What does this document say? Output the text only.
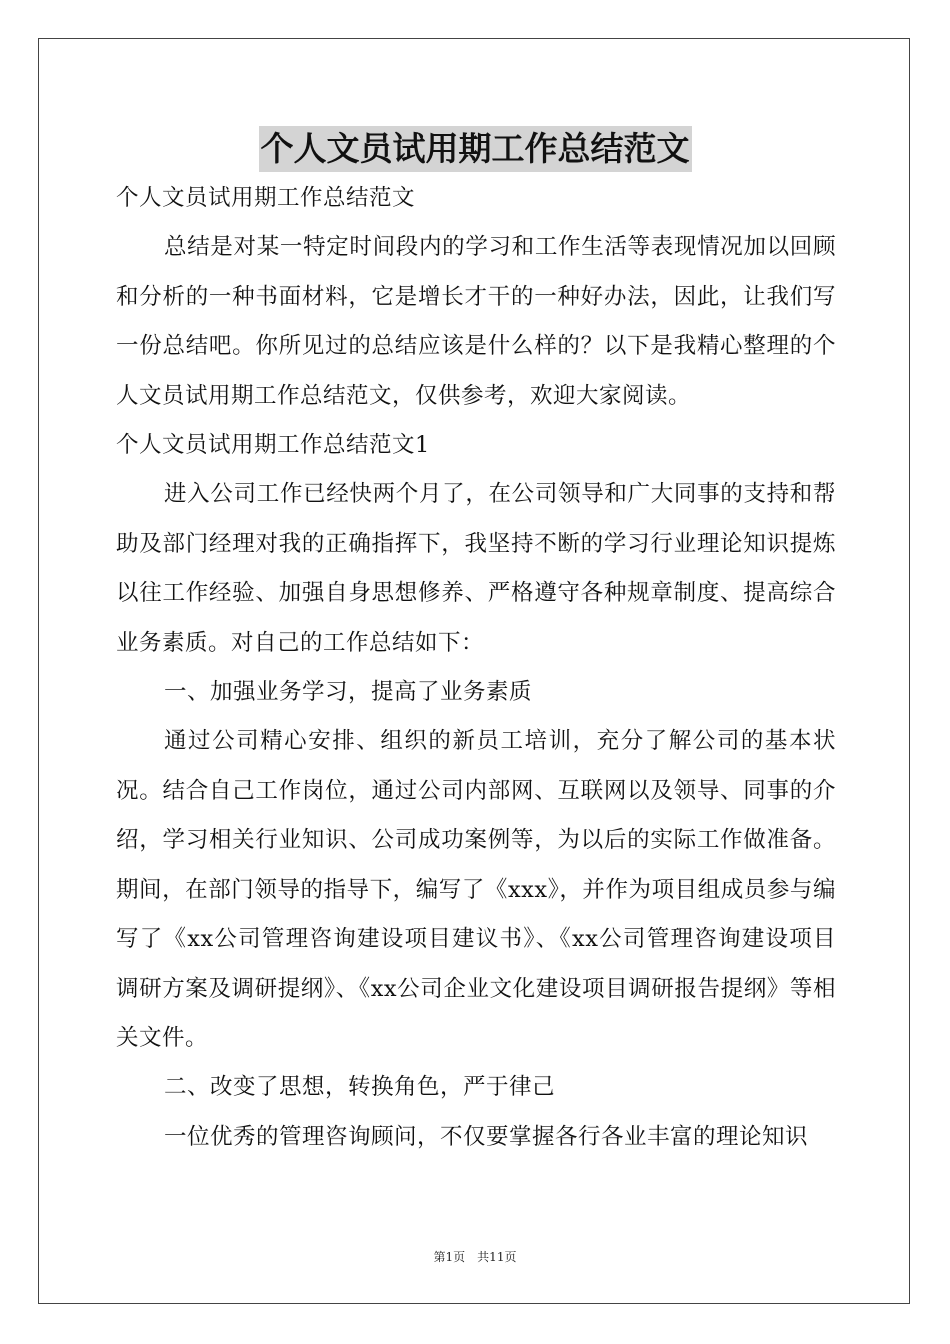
个人文员试用期工作总结范文

个人文员试用期工作总结范文

总结是对某一特定时间段内的学习和工作生活等表现情况加以回顾和分析的一种书面材料，它是增长才干的一种好办法，因此，让我们写一份总结吧。你所见过的总结应该是什么样的？以下是我精心整理的个人文员试用期工作总结范文，仅供参考，欢迎大家阅读。

个人文员试用期工作总结范文1

进入公司工作已经快两个月了，在公司领导和广大同事的支持和帮助及部门经理对我的正确指挥下，我坚持不断的学习行业理论知识提炼以往工作经验、加强自身思想修养、严格遵守各种规章制度、提高综合业务素质。对自己的工作总结如下：

一、加强业务学习，提高了业务素质

通过公司精心安排、组织的新员工培训，充分了解公司的基本状况。结合自己工作岗位，通过公司内部网、互联网以及领导、同事的介绍，学习相关行业知识、公司成功案例等，为以后的实际工作做准备。期间，在部门领导的指导下，编写了《xxx》，并作为项目组成员参与编写了《xx公司管理咨询建设项目建议书》、《xx公司管理咨询建设项目调研方案及调研提纲》、《xx公司企业文化建设项目调研报告提纲》等相关文件。

二、改变了思想，转换角色，严于律己

一位优秀的管理咨询顾问，不仅要掌握各行各业丰富的理论知识

第1页　共11页
